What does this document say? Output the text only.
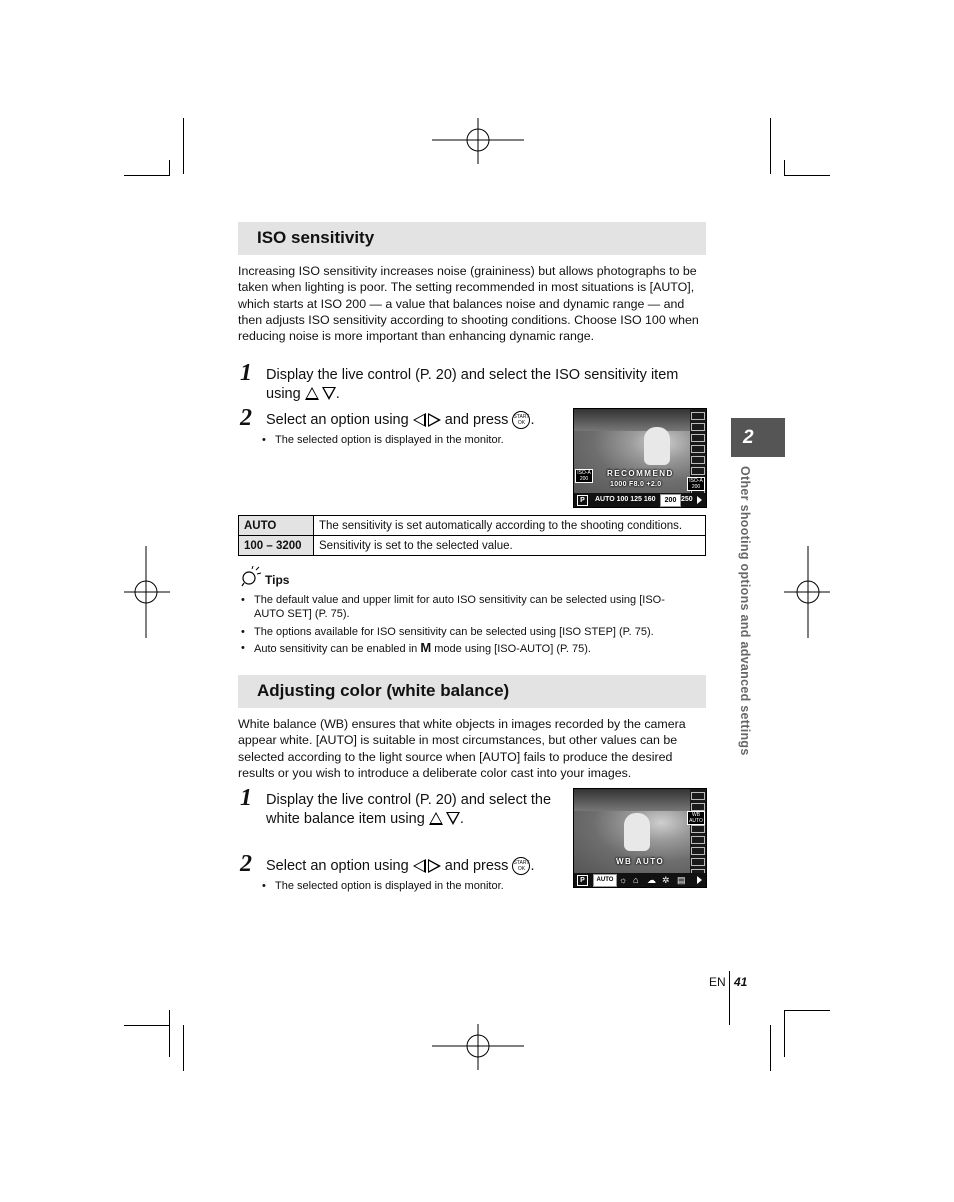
ISO sensitivity
Increasing ISO sensitivity increases noise (graininess) but allows photographs to be taken when lighting is poor. The setting recommended in most situations is [AUTO], which starts at ISO 200 — a value that balances noise and dynamic range — and then adjusts ISO sensitivity according to shooting conditions. Choose ISO 100 when reducing noise is more important than enhancing dynamic range.
1 Display the live control (P. 20) and select the ISO sensitivity item using .
2 Select an option using and press START OK .
• The selected option is displayed in the monitor.
ISO-A 200	ISO-A 200
RECOMMEND
1000 F8.0 +2.0
P	AUTO 100 125 160	200 250
AUTO	The sensitivity is set automatically according to the shooting conditions.
100 – 3200	Sensitivity is set to the selected value.
Tips
• The default value and upper limit for auto ISO sensitivity can be selected using [ISO-AUTO SET] (P. 75).
• The options available for ISO sensitivity can be selected using [ISO STEP] (P. 75).
• Auto sensitivity can be enabled in M mode using [ISO-AUTO] (P. 75).
Adjusting color (white balance)
White balance (WB) ensures that white objects in images recorded by the camera appear white. [AUTO] is suitable in most circumstances, but other values can be selected according to the light source when [AUTO] fails to produce the desired results or you wish to introduce a deliberate color cast into your images.
1 Display the live control (P. 20) and select the white balance item using .
2 Select an option using and press START OK .
• The selected option is displayed in the monitor.
WB AUTO
WB AUTO
P	AUTO ☼ ⌂ ☁ ✲ ▤
2
Other shooting options and advanced settings
EN 41
